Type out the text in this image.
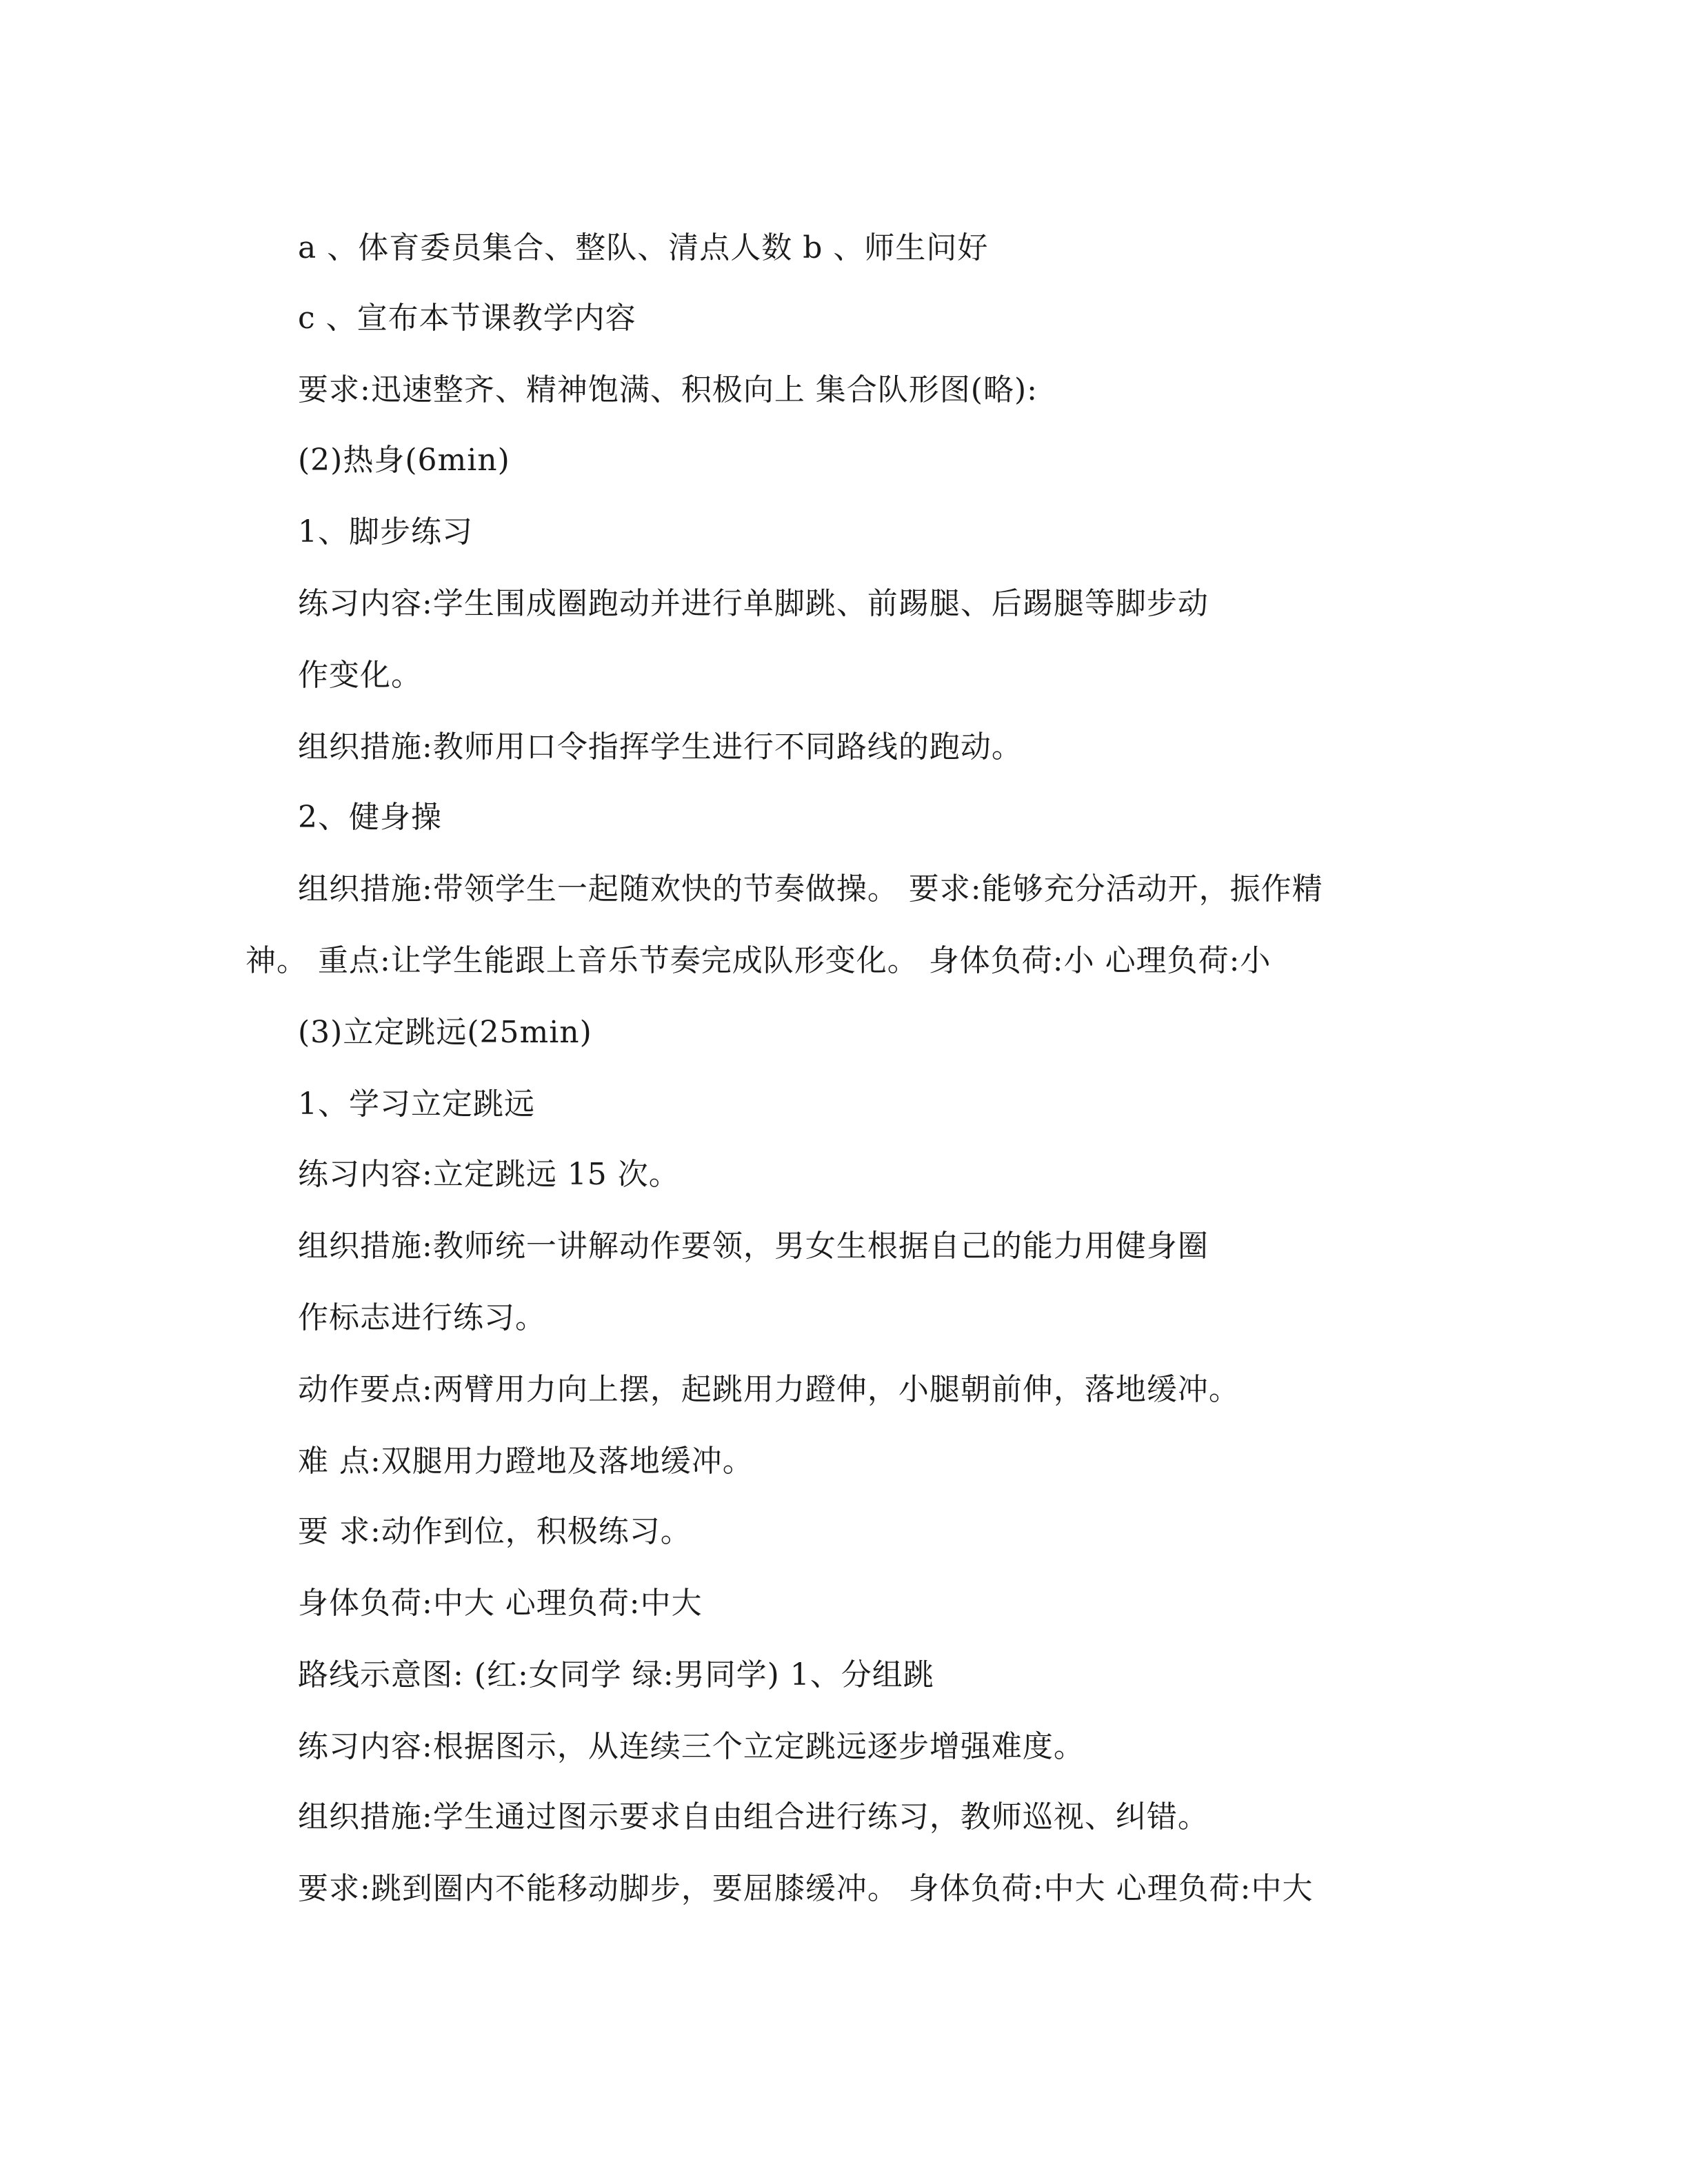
a 、体育委员集合、整队、清点人数 b 、师生问好
c 、宣布本节课教学内容
要求:迅速整齐、精神饱满、积极向上 集合队形图(略):
(2)热身(6min)
1、脚步练习
练习内容:学生围成圈跑动并进行单脚跳、前踢腿、后踢腿等脚步动
作变化。
组织措施:教师用口令指挥学生进行不同路线的跑动。
2、健身操
组织措施:带领学生一起随欢快的节奏做操。 要求:能够充分活动开，振作精
神。 重点:让学生能跟上音乐节奏完成队形变化。 身体负荷:小 心理负荷:小
(3)立定跳远(25min)
1、学习立定跳远
练习内容:立定跳远 15 次。
组织措施:教师统一讲解动作要领，男女生根据自己的能力用健身圈
作标志进行练习。
动作要点:两臂用力向上摆，起跳用力蹬伸，小腿朝前伸，落地缓冲。
难 点:双腿用力蹬地及落地缓冲。
要 求:动作到位，积极练习。
身体负荷:中大 心理负荷:中大
路线示意图: (红:女同学 绿:男同学) 1、分组跳
练习内容:根据图示，从连续三个立定跳远逐步增强难度。
组织措施:学生通过图示要求自由组合进行练习，教师巡视、纠错。
要求:跳到圈内不能移动脚步，要屈膝缓冲。 身体负荷:中大 心理负荷:中大
